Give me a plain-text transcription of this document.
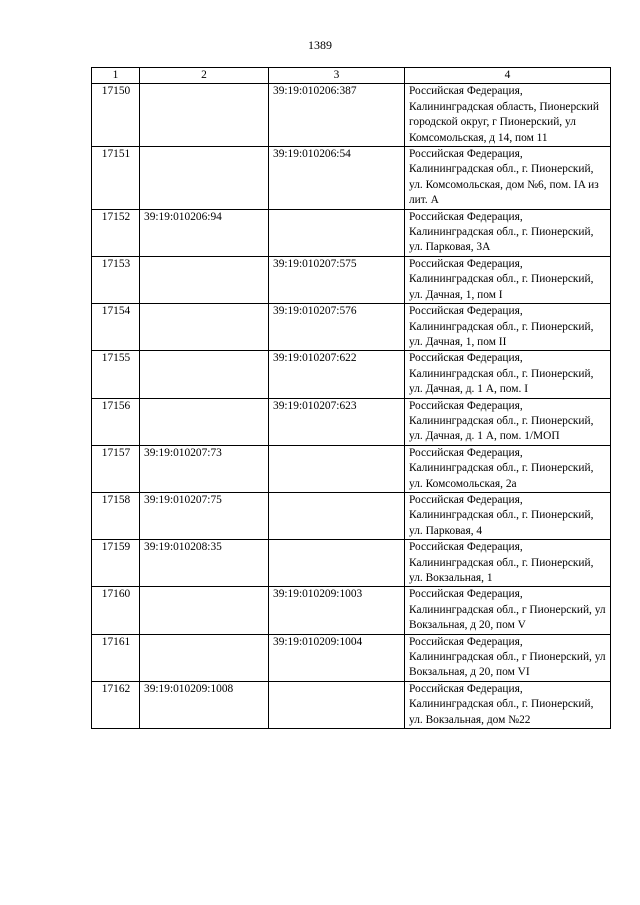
1389
1	2	3	4
17150		39:19:010206:387	Российская Федерация, Калининградская область, Пионерский городской округ, г Пионерский, ул Комсомольская, д 14, пом 11
17151		39:19:010206:54	Российская Федерация, Калининградская обл., г. Пионерский, ул. Комсомольская, дом №6, пом. IA из лит. А
17152	39:19:010206:94		Российская Федерация, Калининградская обл., г. Пионерский, ул. Парковая, 3А
17153		39:19:010207:575	Российская Федерация, Калининградская обл., г. Пионерский, ул. Дачная, 1, пом I
17154		39:19:010207:576	Российская Федерация, Калининградская обл., г. Пионерский, ул. Дачная, 1, пом II
17155		39:19:010207:622	Российская Федерация, Калининградская обл., г. Пионерский, ул. Дачная, д. 1 А, пом. I
17156		39:19:010207:623	Российская Федерация, Калининградская обл., г. Пионерский, ул. Дачная, д. 1 А, пом. 1/МОП
17157	39:19:010207:73		Российская Федерация, Калининградская обл., г. Пионерский, ул. Комсомольская, 2а
17158	39:19:010207:75		Российская Федерация, Калининградская обл., г. Пионерский, ул. Парковая, 4
17159	39:19:010208:35		Российская Федерация, Калининградская обл., г. Пионерский, ул. Вокзальная, 1
17160		39:19:010209:1003	Российская Федерация, Калининградская обл., г Пионерский, ул Вокзальная, д 20, пом V
17161		39:19:010209:1004	Российская Федерация, Калининградская обл., г Пионерский, ул Вокзальная, д 20, пом VI
17162	39:19:010209:1008		Российская Федерация, Калининградская обл., г. Пионерский, ул. Вокзальная, дом №22
